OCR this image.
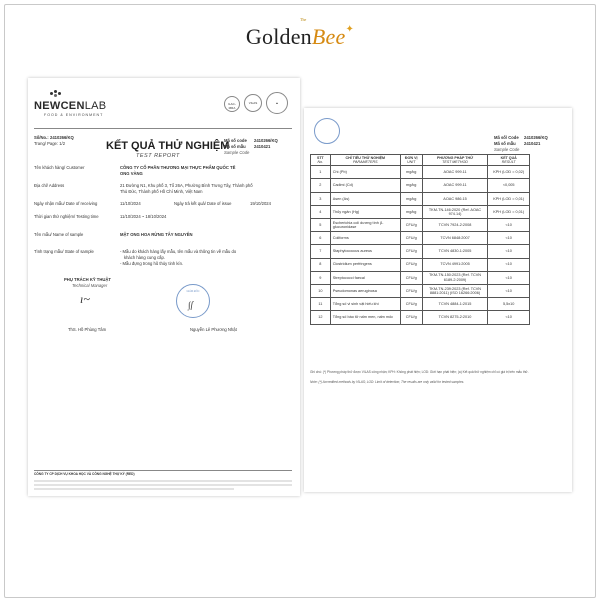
The
GoldenBee✦
NEWCENLAB
FOOD & ENVIRONMENT
ILAC-MRA
VILAS	▲
Số/No.: 2410266/KQ
Trang/ Page: 1/2	KẾT QUẢ THỬ NGHIỆM
TEST REPORT
Mã số code 2410266/KQ
Mã số mẫu 2410421
Sample Code
Tên khách hàng/ Customer	CÔNG TY CỔ PHẦN THƯƠNG MẠI THỰC PHẨM QUỐC TẾ
ONG VÀNG
Địa chỉ/ Address	21 Đường N1, Khu phố 3, Tổ 26A, Phường Bình Trưng Tây, Thành phố
Thủ Đức, Thành phố Hồ Chí Minh, Việt Nam
Ngày nhận mẫu/ Date of receiving	11/10/2024	Ngày trả kết quả/ Date of issue	19/10/2024
Thời gian thử nghiệm/ Testing time	11/10/2024 ~ 18/10/2024
Tên mẫu/ Name of sample	MẬT ONG HOA RỪNG TÂY NGUYÊN
Tình trạng mẫu/ State of sample	- Mẫu do khách hàng lấy mẫu, tên mẫu và thông tin về mẫu do
khách hàng cung cấp.
- Mẫu đựng trong hũ thủy tinh kín.
PHỤ TRÁCH KỸ THUẬT
Technical Manager
ı~
ThS. Hồ Phùng Tâm
GIÁM ĐỐC
∫ſ
Nguyễn Lê Phương Nhật
CÔNG TY CP DỊCH VỤ KHOA HỌC VÀ CÔNG NGHỆ THỰ KÝ (RED)
Mã số/ Code 2410266/KQ
Mã số mẫu 2410421
Sample Code
STT
No.	CHỈ TIÊU THỬ NGHIỆM
PARAMETERS	ĐƠN VỊ
UNIT	PHƯƠNG PHÁP THỬ
TEST METHOD	KẾT QUẢ
RESULT

1	Chì (Pb)	mg/kg	AOAC 999.11	KPH (LOD = 0,02)
2	Cadimi (Cd)	mg/kg	AOAC 999.11	<0,005
3	Asen (As)	mg/kg	AOAC 986.15	KPH (LOD = 0,01)
4	Thủy ngân (Hg)	mg/kg	TKM-TN-146:2020 (Ref. AOAC 974.14)	KPH (LOD = 0,01)
5	Escherichia coli dương tính β-glucuronidase	CFU/g	TCVN 7924-2:2008	<10
6	Coliforms	CFU/g	TCVN 6848:2007	<10
7	Staphylococcus aureus	CFU/g	TCVN 4830-1:2005	<10
8	Clostridium perfringens	CFU/g	TCVN 4991:2005	<10
9	Streptococci faecal	CFU/g	TKM-TN-150:2023 (Ref. TCVN 6189-2:2009)	<10
10	Pseudomonas aeruginosa	CFU/g	TKM-TN-239:2023 (Ref. TCVN 8881:2011) (ISO 16266:2006)	<10
11	Tổng số vi sinh vật hiếu khí	CFU/g	TCVN 4884-1:2015	5,5x10
12	Tổng số bào tử nấm men, nấm mốc	CFU/g	TCVN 8275-2:2010	<10
Ghi chú: (*) Phương pháp thử được VILAS công nhận; KPH: Không phát hiện; LOD: Giới hạn phát hiện; (a) Kết quả thử nghiệm chỉ có giá trị trên mẫu thử.
Note: (*) Accredited methods by VILAS; LOD: Limit of detection; The results are only valid for tested samples.
